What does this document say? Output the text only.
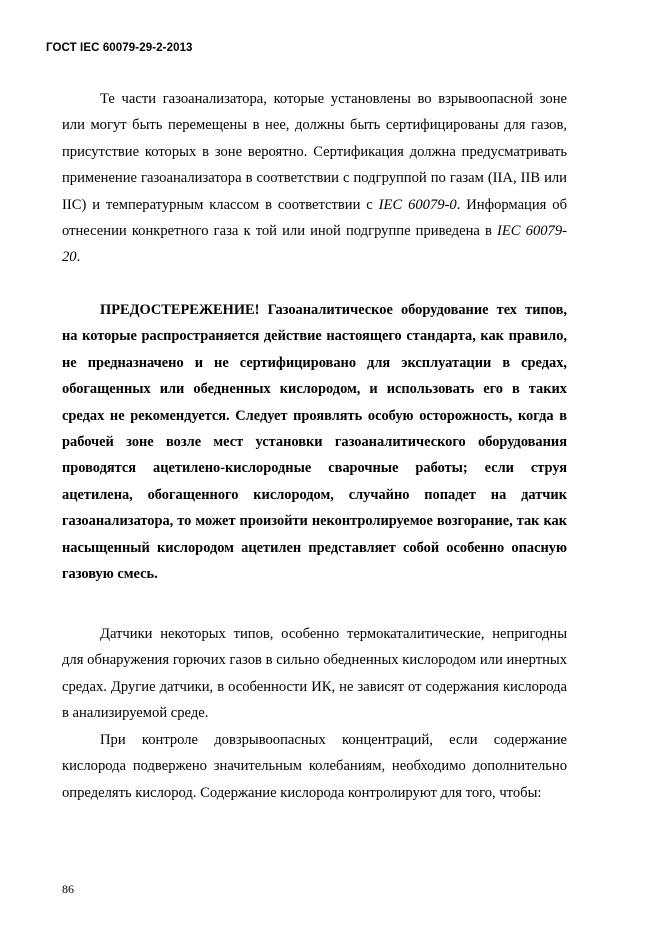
ГОСТ IEC 60079-29-2-2013

Те части газоанализатора, которые установлены во взрывоопасной зоне или могут быть перемещены в нее, должны быть сертифицированы для газов, присутствие которых в зоне вероятно. Сертификация должна предусматривать применение газоанализатора в соответствии с подгруппой по газам (IIA, IIB или IIC) и температурным классом в соответствии с IEC 60079-0. Информация об отнесении конкретного газа к той или иной подгруппе приведена в IEC 60079-20.

ПРЕДОСТЕРЕЖЕНИЕ! Газоаналитическое оборудование тех типов, на которые распространяется действие настоящего стандарта, как правило, не предназначено и не сертифицировано для эксплуатации в средах, обогащенных или обедненных кислородом, и использовать его в таких средах не рекомендуется. Следует проявлять особую осторожность, когда в рабочей зоне возле мест установки газоаналитического оборудования проводятся ацетилено-кислородные сварочные работы; если струя ацетилена, обогащенного кислородом, случайно попадет на датчик газоанализатора, то может произойти неконтролируемое возгорание, так как насыщенный кислородом ацетилен представляет собой особенно опасную газовую смесь.

Датчики некоторых типов, особенно термокаталитические, непригодны для обнаружения горючих газов в сильно обедненных кислородом или инертных средах. Другие датчики, в особенности ИК, не зависят от содержания кислорода в анализируемой среде.

При контроле довзрывоопасных концентраций, если содержание кислорода подвержено значительным колебаниям, необходимо дополнительно определять кислород. Содержание кислорода контролируют для того, чтобы:

86
